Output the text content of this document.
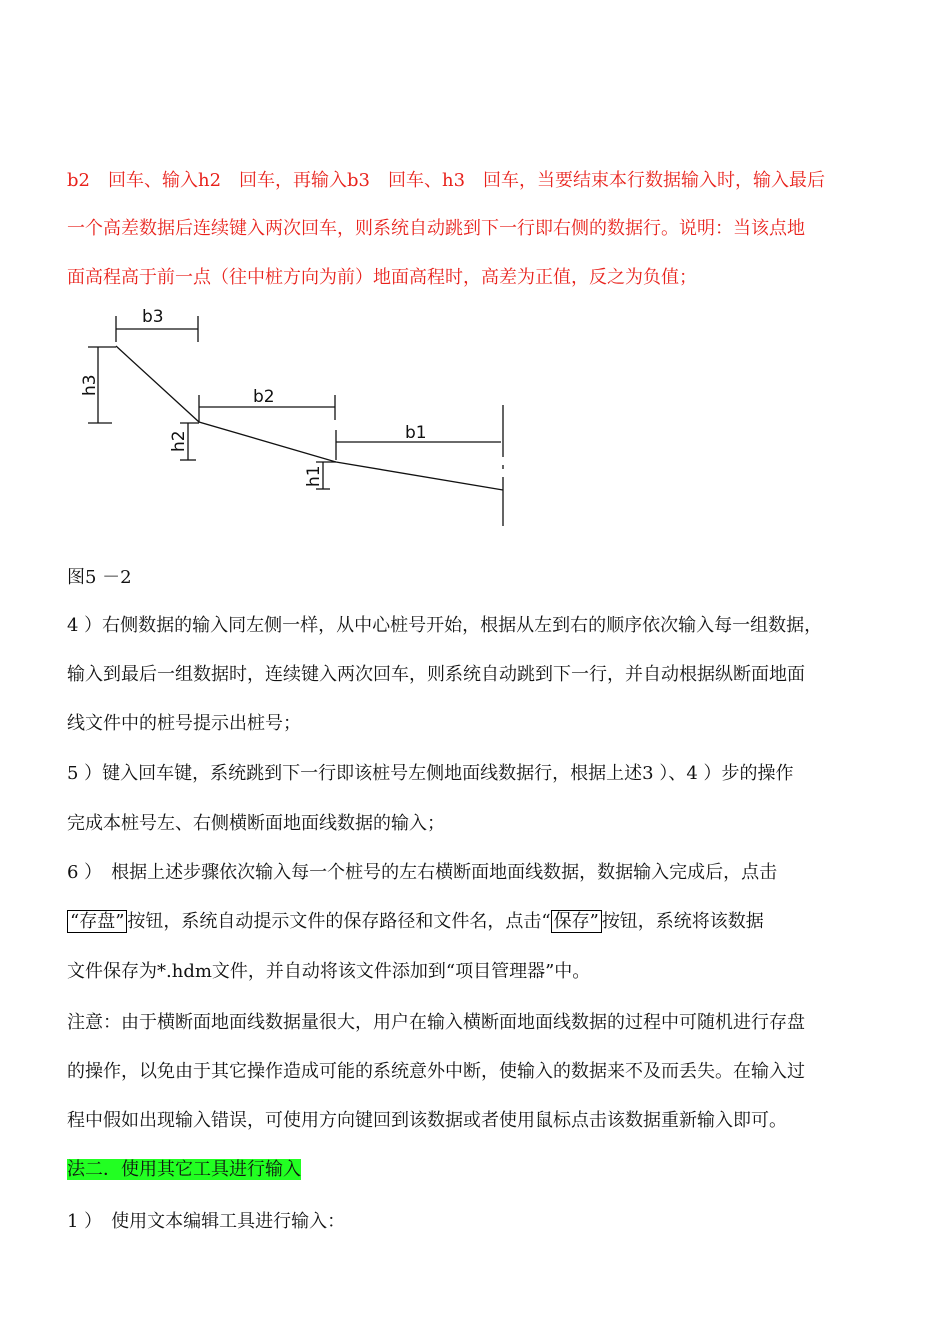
b2　回车、输入h2　回车，再输入b3　回车、h3　回车，当要结束本行数据输入时，输入最后

一个高差数据后连续键入两次回车，则系统自动跳到下一行即右侧的数据行。说明：当该点地

面高程高于前一点（往中桩方向为前）地面高程时，高差为正值，反之为负值；

b3
b2
b1
h3
h2
h1

图5 －2

4 ）右侧数据的输入同左侧一样，从中心桩号开始，根据从左到右的顺序依次输入每一组数据，

输入到最后一组数据时，连续键入两次回车，则系统自动跳到下一行，并自动根据纵断面地面

线文件中的桩号提示出桩号；

5 ）键入回车键，系统跳到下一行即该桩号左侧地面线数据行，根据上述3 ）、4 ）步的操作

完成本桩号左、右侧横断面地面线数据的输入；

6 ）　根据上述步骤依次输入每一个桩号的左右横断面地面线数据，数据输入完成后，点击

“存盘” 按钮，系统自动提示文件的保存路径和文件名，点击“ 保存” 按钮，系统将该数据

文件保存为*.hdm文件，并自动将该文件添加到“项目管理器”中。

注意：由于横断面地面线数据量很大，用户在输入横断面地面线数据的过程中可随机进行存盘

的操作，以免由于其它操作造成可能的系统意外中断，使输入的数据来不及而丢失。在输入过

程中假如出现输入错误，可使用方向键回到该数据或者使用鼠标点击该数据重新输入即可。

法二．使用其它工具进行输入

1 ）　使用文本编辑工具进行输入：
